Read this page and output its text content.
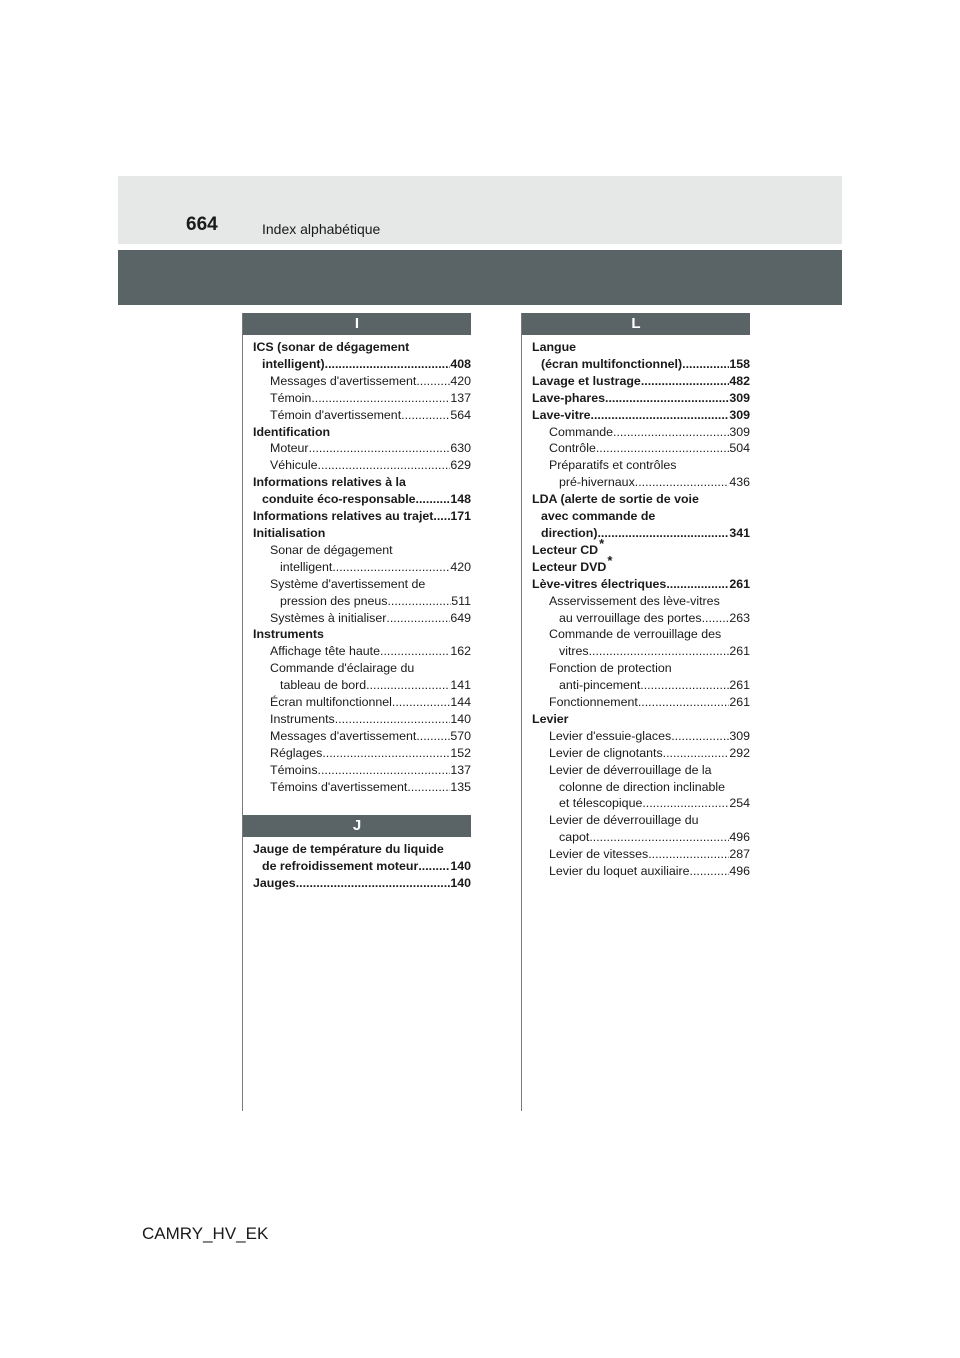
664	Index alphabétique
I
ICS (sonar de dégagement
intelligent) .....	408
Messages d'avertissement .....	420
Témoin .....	137
Témoin d'avertissement .....	564
Identification
Moteur .....	630
Véhicule .....	629
Informations relatives à la
conduite éco-responsable .....	148
Informations relatives au trajet ..... 171
Initialisation
Sonar de dégagement
intelligent .....	420
Système d'avertissement de
pression des pneus .....	511
Systèmes à initialiser .....	649
Instruments
Affichage tête haute .....	162
Commande d'éclairage du
tableau de bord .....	141
Écran multifonctionnel .....	144
Instruments .....	140
Messages d'avertissement .....	570
Réglages .....	152
Témoins .....	137
Témoins d'avertissement .....	135
J
Jauge de température du liquide
de refroidissement moteur .....	140
Jauges .....	140
L
Langue
(écran multifonctionnel) .....	158
Lavage et lustrage .....	482
Lave-phares .....	309
Lave-vitre .....	309
Commande .....	309
Contrôle .....	504
Préparatifs et contrôles
pré-hivernaux .....	436
LDA (alerte de sortie de voie
avec commande de
direction) .....	341
Lecteur CD *
Lecteur DVD *
Lève-vitres électriques .....	261
Asservissement des lève-vitres
au verrouillage des portes ..... 263
Commande de verrouillage des
vitres .....	261
Fonction de protection
anti-pincement .....	261
Fonctionnement .....	261
Levier
Levier d'essuie-glaces .....	309
Levier de clignotants .....	292
Levier de déverrouillage de la
colonne de direction inclinable
et télescopique .....	254
Levier de déverrouillage du
capot .....	496
Levier de vitesses .....	287
Levier du loquet auxiliaire .....	496
CAMRY_HV_EK
